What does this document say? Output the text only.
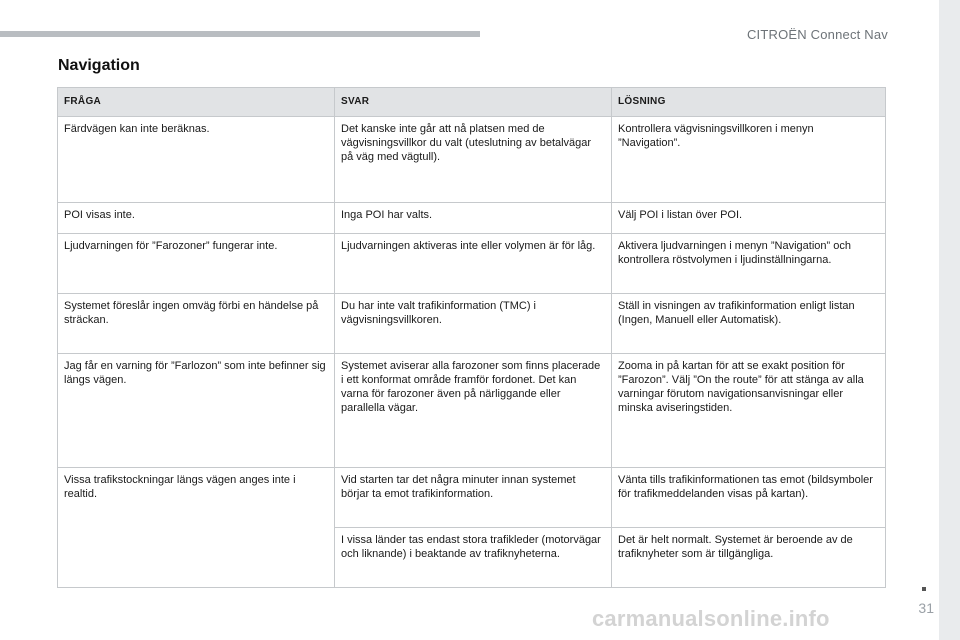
CITROËN Connect Nav
Navigation
FRÅGA	SVAR	LÖSNING
Färdvägen kan inte beräknas.	Det kanske inte går att nå platsen med de vägvisningsvillkor du valt (uteslutning av betalvägar på väg med vägtull).	Kontrollera vägvisningsvillkoren i menyn ”Navigation”.
POI visas inte.	Inga POI har valts.	Välj POI i listan över POI.
Ljudvarningen för ”Farozoner” fungerar inte.	Ljudvarningen aktiveras inte eller volymen är för låg.	Aktivera ljudvarningen i menyn ”Navigation” och kontrollera röstvolymen i ljudinställningarna.
Systemet föreslår ingen omväg förbi en händelse på sträckan.	Du har inte valt trafikinformation (TMC) i vägvisningsvillkoren.	Ställ in visningen av trafikinformation enligt listan (Ingen, Manuell eller Automatisk).
Jag får en varning för ”Farlozon” som inte befinner sig längs vägen.	Systemet aviserar alla farozoner som finns placerade i ett konformat område framför fordonet. Det kan varna för farozoner även på närliggande eller parallella vägar.	Zooma in på kartan för att se exakt position för ”Farozon”. Välj ”On the route” för att stänga av alla varningar förutom navigationsanvisningar eller minska aviseringstiden.
Vissa trafikstockningar längs vägen anges inte i realtid.	Vid starten tar det några minuter innan systemet börjar ta emot trafikinformation.	Vänta tills trafikinformationen tas emot (bildsymboler för trafikmeddelanden visas på kartan).
	I vissa länder tas endast stora trafikleder (motorvägar och liknande) i beaktande av trafiknyheterna.	Det är helt normalt. Systemet är beroende av de trafiknyheter som är tillgängliga.
31
carmanualsonline.info
